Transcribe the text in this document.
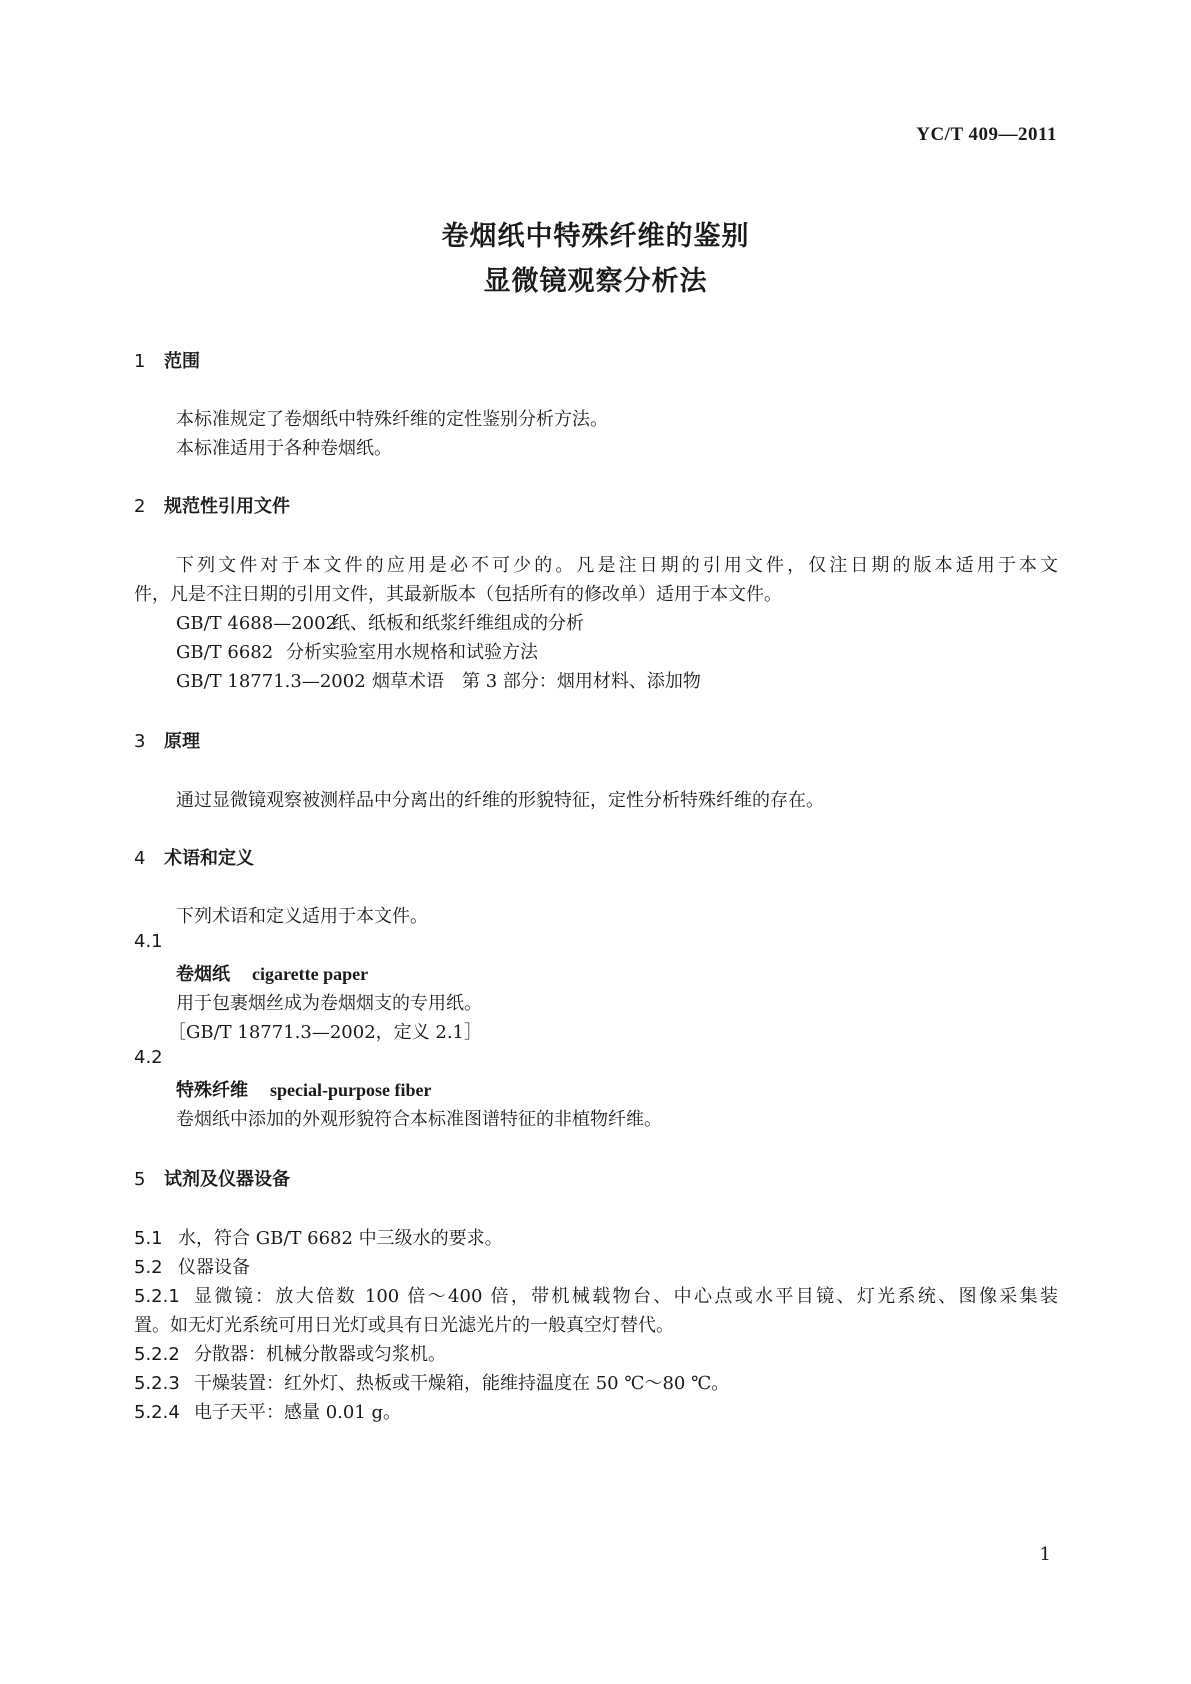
YC/T 409—2011
卷烟纸中特殊纤维的鉴别
显微镜观察分析法
1 范围
本标准规定了卷烟纸中特殊纤维的定性鉴别分析方法。
本标准适用于各种卷烟纸。
2 规范性引用文件
下列文件对于本文件的应用是必不可少的。凡是注日期的引用文件，仅注日期的版本适用于本文
件，凡是不注日期的引用文件，其最新版本（包括所有的修改单）适用于本文件。
GB/T 4688—2002纸、纸板和纸浆纤维组成的分析
GB/T 6682 分析实验室用水规格和试验方法
GB/T 18771.3—2002 烟草术语　第 3 部分：烟用材料、添加物
3 原理
通过显微镜观察被测样品中分离出的纤维的形貌特征，定性分析特殊纤维的存在。
4 术语和定义
下列术语和定义适用于本文件。
4.1
卷烟纸 cigarette paper
用于包裹烟丝成为卷烟烟支的专用纸。
［GB/T 18771.3—2002，定义 2.1］
4.2
特殊纤维 special-purpose fiber
卷烟纸中添加的外观形貌符合本标准图谱特征的非植物纤维。
5 试剂及仪器设备
5.1 水，符合 GB/T 6682 中三级水的要求。
5.2 仪器设备
5.2.1 显微镜：放大倍数 100 倍～400 倍，带机械载物台、中心点或水平目镜、灯光系统、图像采集装
置。如无灯光系统可用日光灯或具有日光滤光片的一般真空灯替代。
5.2.2 分散器：机械分散器或匀浆机。
5.2.3 干燥装置：红外灯、热板或干燥箱，能维持温度在 50 ℃～80 ℃。
5.2.4 电子天平：感量 0.01 g。
1
